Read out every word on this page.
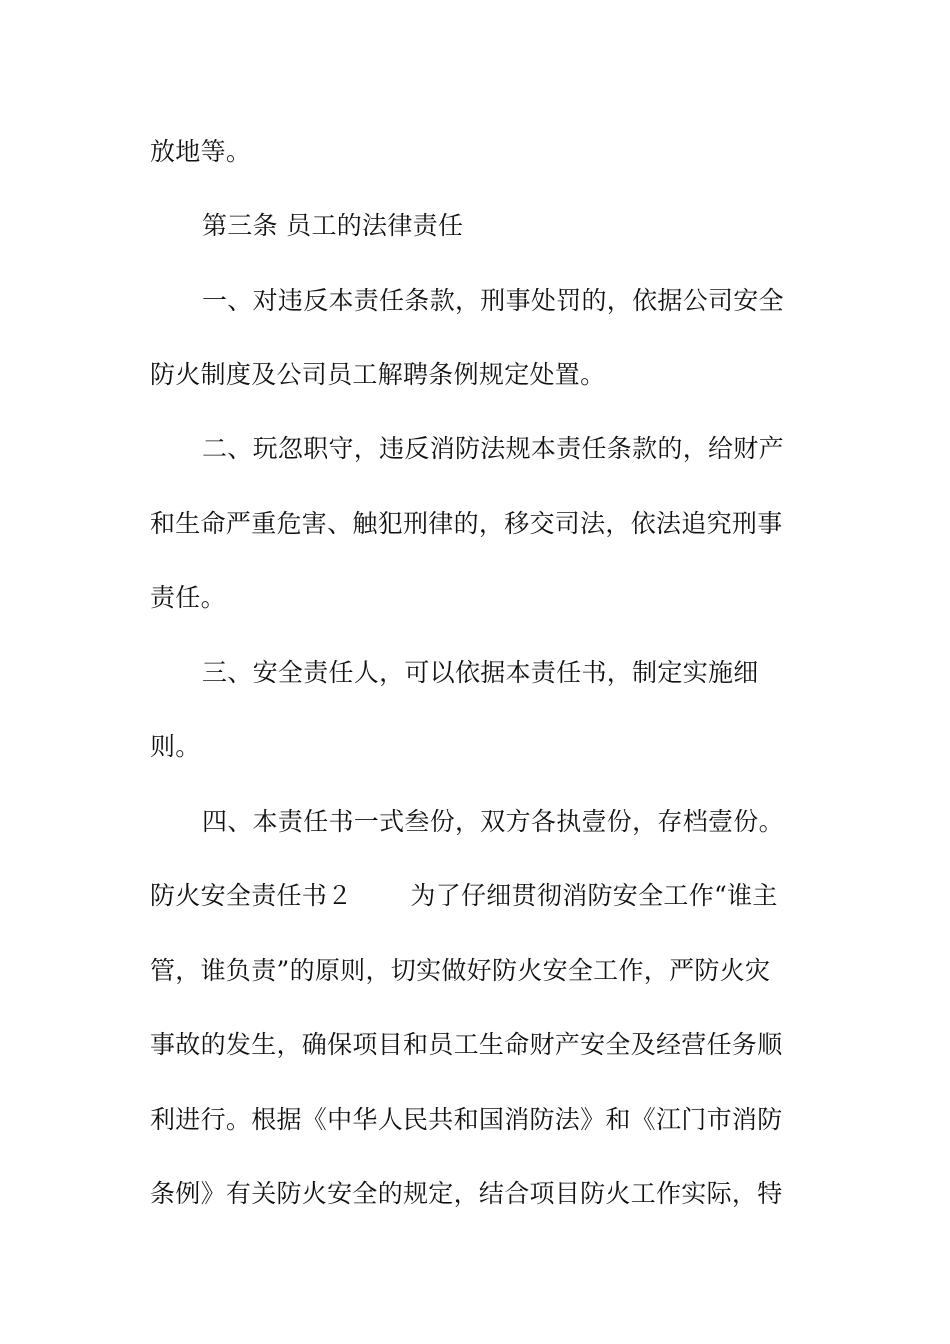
放地等。
第三条 员工的法律责任
一、对违反本责任条款，刑事处罚的，依据公司安全
防火制度及公司员工解聘条例规定处置。
二、玩忽职守，违反消防法规本责任条款的，给财产
和生命严重危害、触犯刑律的，移交司法，依法追究刑事
责任。
三、安全责任人，可以依据本责任书，制定实施细
则。
四、本责任书一式叁份，双方各执壹份，存档壹份。
防火安全责任书２ 为了仔细贯彻消防安全工作“谁主
管，谁负责”的原则，切实做好防火安全工作，严防火灾
事故的发生，确保项目和员工生命财产安全及经营任务顺
利进行。根据《中华人民共和国消防法》和《江门市消防
条例》有关防火安全的规定，结合项目防火工作实际，特
